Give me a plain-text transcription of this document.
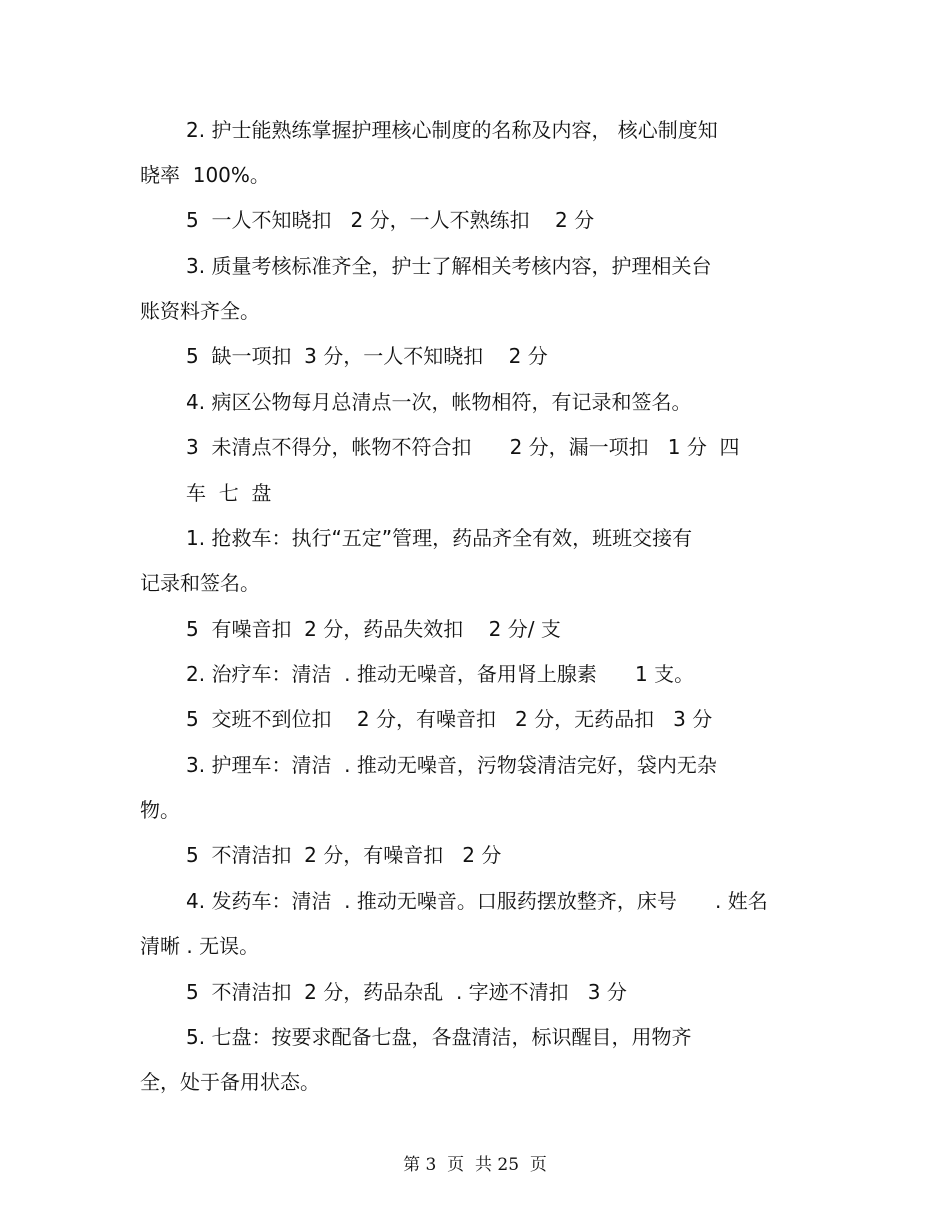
2. 护士能熟练掌握护理核心制度的名称及内容， 核心制度知
晓率  100%。
5  一人不知晓扣   2 分，一人不熟练扣    2 分
3. 质量考核标准齐全，护士了解相关考核内容，护理相关台
账资料齐全。
5  缺一项扣  3 分，一人不知晓扣    2 分
4. 病区公物每月总清点一次，帐物相符，有记录和签名。
3  未清点不得分，帐物不符合扣      2 分，漏一项扣   1 分  四
车  七  盘
1. 抢救车：执行“五定”管理，药品齐全有效，班班交接有
记录和签名。
5  有噪音扣  2 分，药品失效扣    2 分/ 支
2. 治疗车：清洁  . 推动无噪音，备用肾上腺素      1 支。
5  交班不到位扣    2 分，有噪音扣   2 分，无药品扣   3 分
3. 护理车：清洁  . 推动无噪音，污物袋清洁完好，袋内无杂
物。
5  不清洁扣  2 分，有噪音扣   2 分
4. 发药车：清洁  . 推动无噪音。口服药摆放整齐，床号      . 姓名
清晰 . 无误。
5  不清洁扣  2 分，药品杂乱  . 字迹不清扣   3 分
5. 七盘：按要求配备七盘，各盘清洁，标识醒目，用物齐
全，处于备用状态。
第 3  页  共 25  页
